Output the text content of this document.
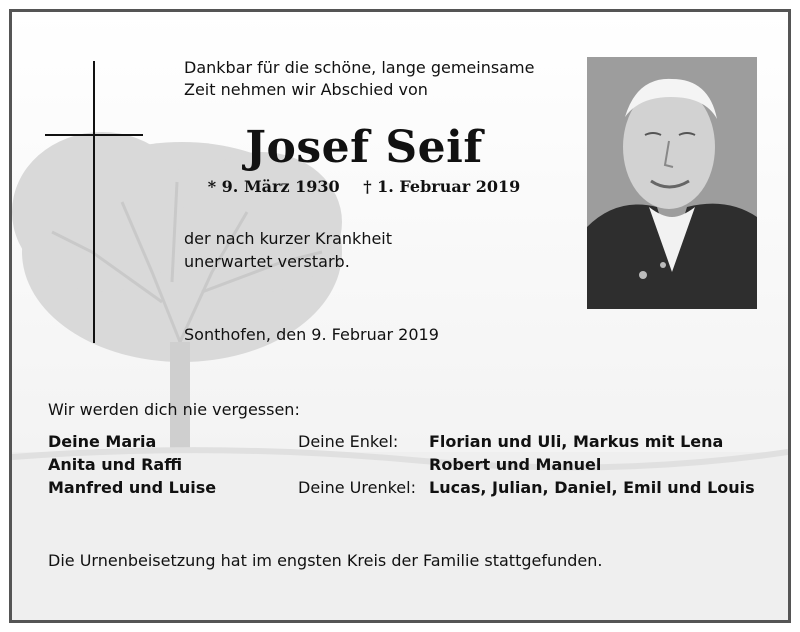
Dankbar für die schöne, lange gemeinsame
Zeit nehmen wir Abschied von
Josef Seif
* 9. März 1930 † 1. Februar 2019
der nach kurzer Krankheit
unerwartet verstarb.
Sonthofen, den 9. Februar 2019
Wir werden dich nie vergessen:
Deine Maria
Anita und Raffi
Manfred und Luise
Deine Enkel:
Deine Urenkel:
Florian und Uli, Markus mit Lena
Robert und Manuel
Lucas, Julian, Daniel, Emil und Louis
Die Urnenbeisetzung hat im engsten Kreis der Familie stattgefunden.
